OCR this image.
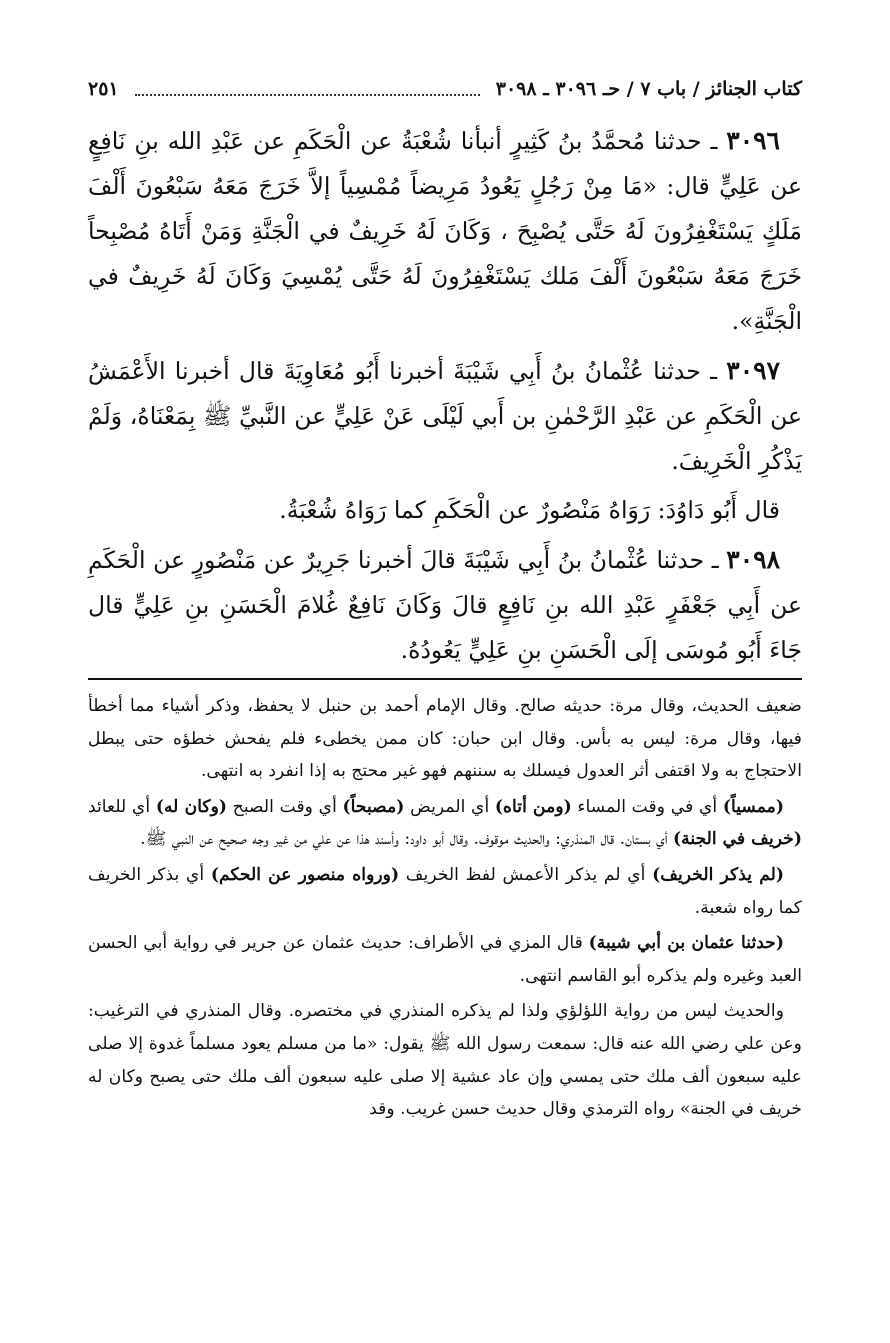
كتاب الجنائز / باب ٧ / حـ ٣٠٩٦ ـ ٣٠٩٨
٢٥١

٣٠٩٦ ـ حدثنا مُحمَّدُ بنُ كَثِيرٍ أنبأنا شُعْبَةُ عن الْحَكَمِ عن عَبْدِ الله بنِ نَافِعٍ عن عَلِيٍّ قال: «مَا مِنْ رَجُلٍ يَعُودُ مَرِيضاً مُمْسِياً إلاَّ خَرَجَ مَعَهُ سَبْعُونَ أَلْفَ مَلَكٍ يَسْتَغْفِرُونَ لَهُ حَتَّى يُصْبِحَ ، وَكَانَ لَهُ خَرِيفٌ في الْجَنَّةِ وَمَنْ أَتَاهُ مُصْبِحاً خَرَجَ مَعَهُ سَبْعُونَ أَلْفَ مَلك يَسْتَغْفِرُونَ لَهُ حَتَّى يُمْسِيَ وَكَانَ لَهُ خَرِيفٌ في الْجَنَّةِ».

٣٠٩٧ ـ حدثنا عُثْمانُ بنُ أَبِي شَيْبَةَ أخبرنا أَبُو مُعَاوِيَةَ قال أخبرنا الأَعْمَشُ عن الْحَكَمِ عن عَبْدِ الرَّحْمٰنِ بن أَبي لَيْلَى عَنْ عَلِيٍّ عن النَّبيِّ ﷺ بِمَعْنَاهُ، وَلَمْ يَذْكُرِ الْخَرِيفَ.

قال أَبُو دَاوُدَ: رَوَاهُ مَنْصُورٌ عن الْحَكَمِ كما رَوَاهُ شُعْبَةُ.

٣٠٩٨ ـ حدثنا عُثْمانُ بنُ أَبِي شَيْبَةَ قالَ أخبرنا جَرِيرٌ عن مَنْصُورٍ عن الْحَكَمِ عن أَبِي جَعْفَرٍ عَبْدِ الله بنِ نَافِعٍ قالَ وَكَانَ نَافِعٌ غُلامَ الْحَسَنِ بنِ عَلِيٍّ قال جَاءَ أَبُو مُوسَى إلَى الْحَسَنِ بنِ عَلِيٍّ يَعُودُهُ.

ضعيف الحديث، وقال مرة: حديثه صالح. وقال الإمام أحمد بن حنبل لا يحفظ، وذكر أشياء مما أخطأ فيها، وقال مرة: ليس به بأس. وقال ابن حبان: كان ممن يخطىء فلم يفحش خطؤه حتى يبطل الاحتجاج به ولا اقتفى أثر العدول فيسلك به سننهم فهو غير محتج به إذا انفرد به انتهى.

(ممسياً) أي في وقت المساء (ومن أتاه) أي المريض (مصبحاً) أي وقت الصبح (وكان له) أي للعائد (خريف في الجنة) أي بستان. قال المنذري: والحديث موقوف. وقال أبو داود: وأسند هذا عن علي من غير وجه صحيح عن النبي ﷺ.

(لم يذكر الخريف) أي لم يذكر الأعمش لفظ الخريف (ورواه منصور عن الحكم) أي بذكر الخريف كما رواه شعبة.

(حدثنا عثمان بن أبي شيبة) قال المزي في الأطراف: حديث عثمان عن جرير في رواية أبي الحسن العبد وغيره ولم يذكره أبو القاسم انتهى.

والحديث ليس من رواية اللؤلؤي ولذا لم يذكره المنذري في مختصره. وقال المنذري في الترغيب: وعن علي رضي الله عنه قال: سمعت رسول الله ﷺ يقول: «ما من مسلم يعود مسلماً غدوة إلا صلى عليه سبعون ألف ملك حتى يمسي وإن عاد عشية إلا صلى عليه سبعون ألف ملك حتى يصبح وكان له خريف في الجنة» رواه الترمذي وقال حديث حسن غريب. وقد
